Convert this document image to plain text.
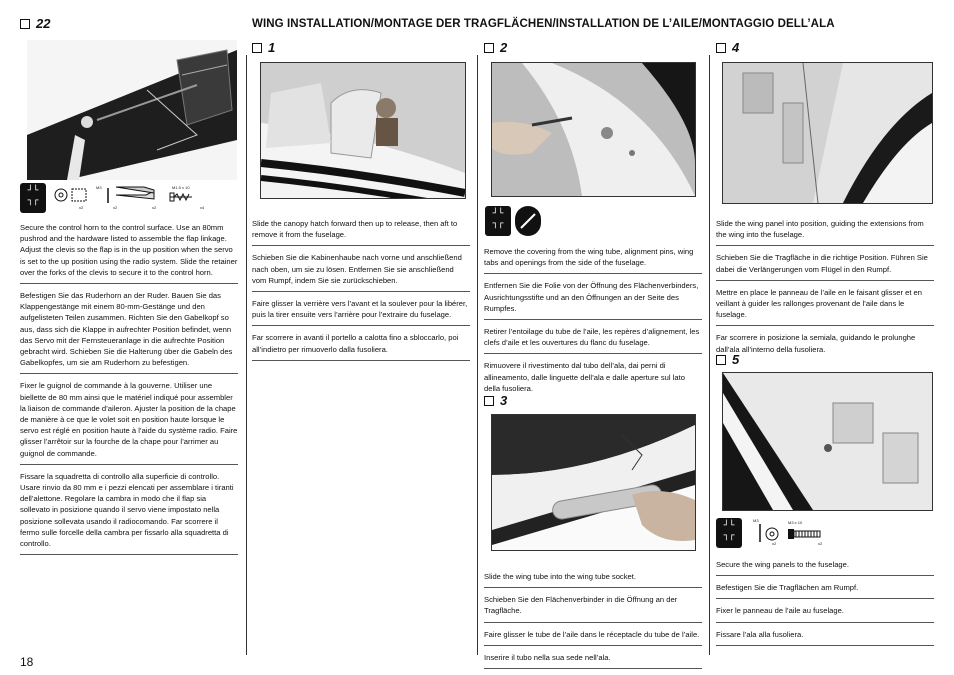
22	WING INSTALLATION/MONTAGE DER TRAGFLÄCHEN/INSTALLATION DE L’AILE/MONTAGGIO DELL’ALA
┘└
┐┌
M3
x2	x2	x2
M1.5 x 10
x4
Secure the control horn to the control surface. Use an 80mm pushrod and the hardware listed to assemble the flap linkage. Adjust the clevis so the flap is in the up position when the servo is set to the up position using the radio system. Slide the retainer over the forks of the clevis to secure it to the control horn.
Befestigen Sie das Ruderhorn an der Ruder. Bauen Sie das Klappengestänge mit einem 80-mm-Gestänge und den aufgelisteten Teilen zusammen. Richten Sie den Gabelkopf so aus, dass sich die Klappe in aufrechter Position befindet, wenn das Servo mit der Fernsteueranlage in die aufrechte Position gebracht wird. Schieben Sie die Halterung über die Gabeln des Gabelkopfes, um sie am Ruderhorn zu befestigen.
Fixer le guignol de commande à la gouverne. Utiliser une biellette de 80 mm ainsi que le matériel indiqué pour assembler la liaison de commande d’aileron. Ajuster la position de la chape de manière à ce que le volet soit en position haute lorsque le servo est réglé en position haute à l’aide du système radio. Faire glisser l’arrêtoir sur la fourche de la chape pour l’arrimer au guignol de commande.
Fissare la squadretta di controllo alla superficie di controllo. Usare rinvio da 80 mm e i pezzi elencati per assemblare i tiranti dell’alettone. Regolare la cambra in modo che il flap sia sollevato in posizione quando il servo viene impostato nella posizione sollevata usando il radiocomando. Far scorrere il fermo sulle forcelle della cambra per fissarlo alla squadretta di controllo.
1
Slide the canopy hatch forward then up to release, then aft to remove it from the fuselage.
Schieben Sie die Kabinenhaube nach vorne und anschließend nach oben, um sie zu lösen. Entfernen Sie sie anschließend vom Rumpf, indem Sie sie zurückschieben.
Faire glisser la verrière vers l’avant et la soulever pour la libérer, puis la tirer ensuite vers l’arrière pour l’extraire du fuselage.
Far scorrere in avanti il portello a calotta fino a sbloccarlo, poi all’indietro per rimuoverlo dalla fusoliera.
2
┘└
┐┌
Remove the covering from the wing tube, alignment pins, wing tabs and openings from the side of the fuselage.
Entfernen Sie die Folie von der Öffnung des Flächenverbinders, Ausrichtungsstifte und an den Öffnungen an der Seite des Rumpfes.
Retirer l’entoilage du tube de l’aile, les repères d’alignement, les clefs d’aile et les ouvertures du flanc du fuselage.
Rimuovere il rivestimento dal tubo dell’ala, dai perni di allineamento, dalle linguette dell’ala e dalle aperture sul lato della fusoliera.
3
Slide the wing tube into the wing tube socket.
Schieben Sie den Flächenverbinder in die Öffnung an der Tragfläche.
Faire glisser le tube de l’aile dans le réceptacle du tube de l’aile.
Inserire il tubo nella sua sede nell’ala.
4
Slide the wing panel into position, guiding the extensions from the wing into the fuselage.
Schieben Sie die Tragfläche in die richtige Position. Führen Sie dabei die Verlängerungen vom Flügel in den Rumpf.
Mettre en place le panneau de l’aile en le faisant glisser et en veillant à guider les rallonges provenant de l’aile dans le fuselage.
Far scorrere in posizione la semiala, guidando le prolunghe dall’ala all’interno della fusoliera.
5
┘└
┐┌
M3
x2
M3 x 10
x2
Secure the wing panels to the fuselage.
Befestigen Sie die Tragflächen am Rumpf.
Fixer le panneau de l’aile au fuselage.
Fissare l’ala alla fusoliera.
18
